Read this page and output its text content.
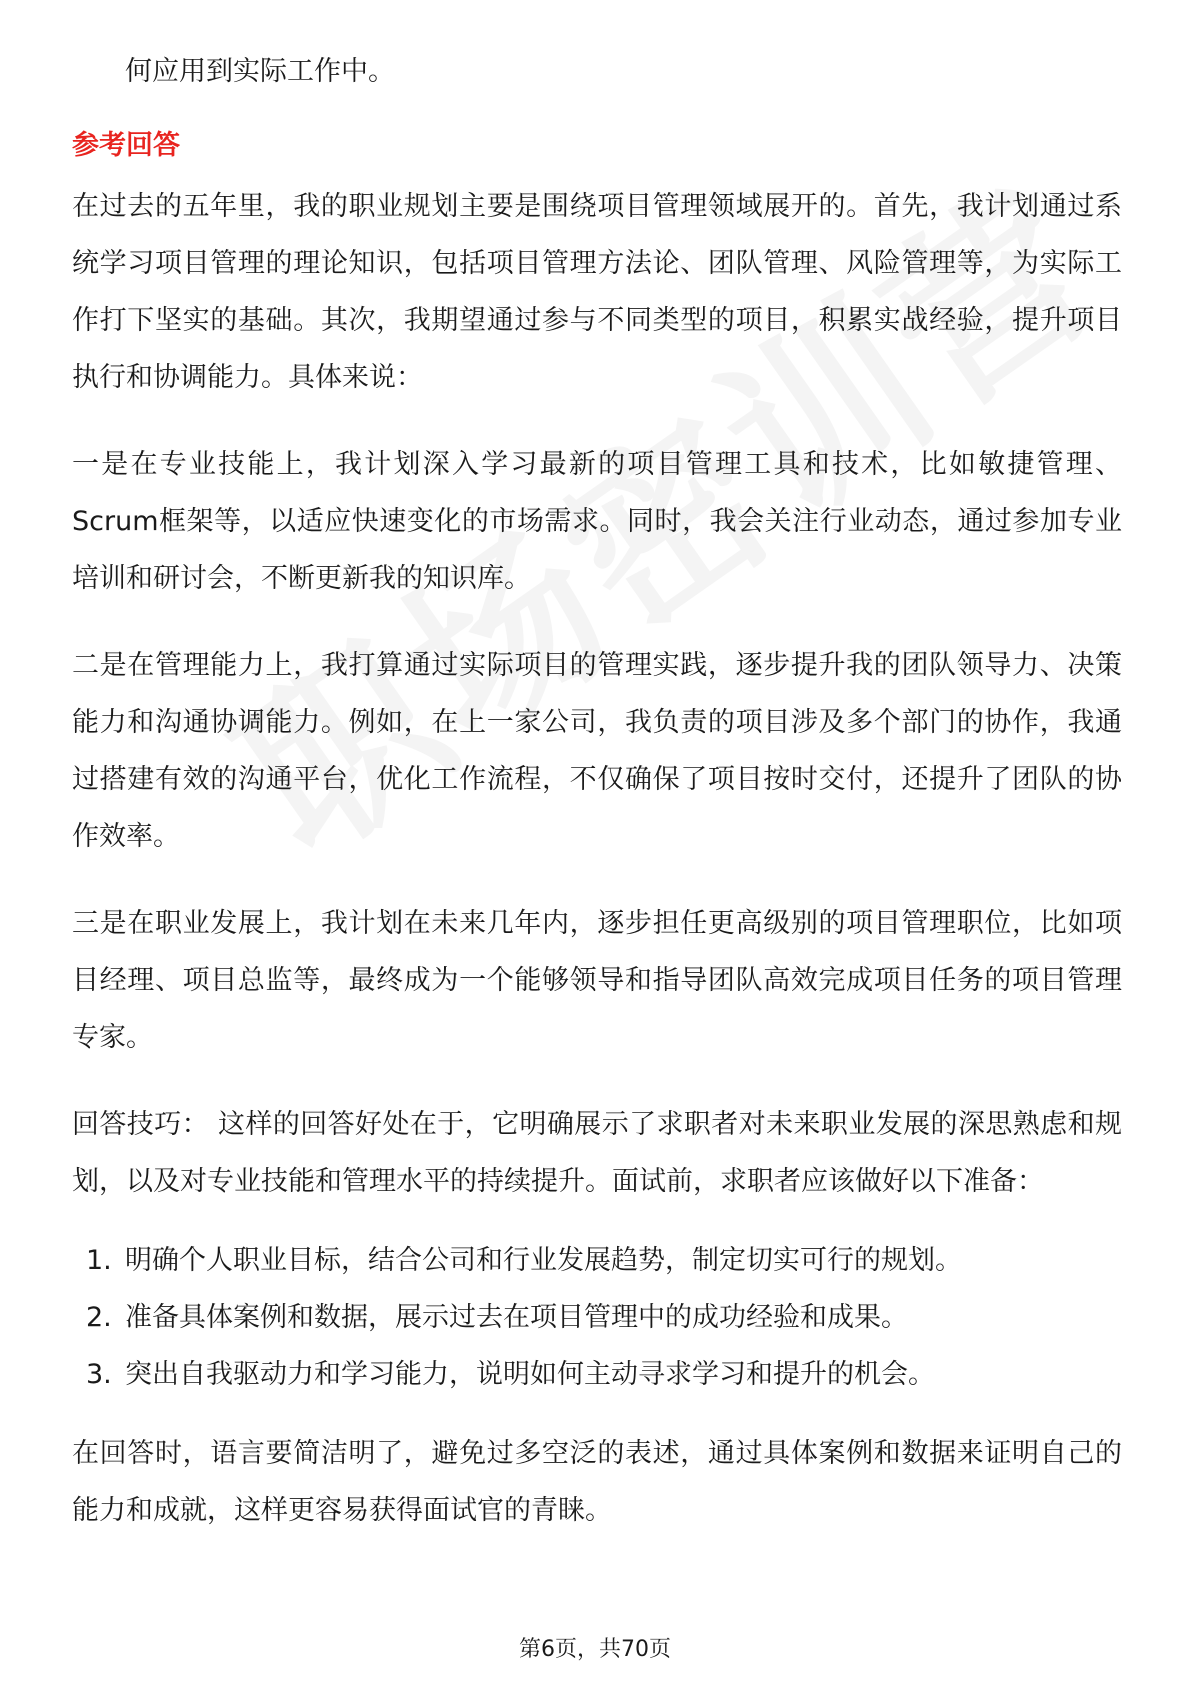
何应用到实际工作中。
参考回答

在过去的五年里，我的职业规划主要是围绕项目管理领域展开的。首先，我计划通过系统学习项目管理的理论知识，包括项目管理方法论、团队管理、风险管理等，为实际工作打下坚实的基础。其次，我期望通过参与不同类型的项目，积累实战经验，提升项目执行和协调能力。具体来说：

一是在专业技能上，我计划深入学习最新的项目管理工具和技术，比如敏捷管理、Scrum框架等，以适应快速变化的市场需求。同时，我会关注行业动态，通过参加专业培训和研讨会，不断更新我的知识库。

二是在管理能力上，我打算通过实际项目的管理实践，逐步提升我的团队领导力、决策能力和沟通协调能力。例如，在上一家公司，我负责的项目涉及多个部门的协作，我通过搭建有效的沟通平台，优化工作流程，不仅确保了项目按时交付，还提升了团队的协作效率。

三是在职业发展上，我计划在未来几年内，逐步担任更高级别的项目管理职位，比如项目经理、项目总监等，最终成为一个能够领导和指导团队高效完成项目任务的项目管理专家。

回答技巧： 这样的回答好处在于，它明确展示了求职者对未来职业发展的深思熟虑和规划，以及对专业技能和管理水平的持续提升。面试前，求职者应该做好以下准备：

1. 明确个人职业目标，结合公司和行业发展趋势，制定切实可行的规划。
2. 准备具体案例和数据，展示过去在项目管理中的成功经验和成果。
3. 突出自我驱动力和学习能力，说明如何主动寻求学习和提升的机会。

在回答时，语言要简洁明了，避免过多空泛的表述，通过具体案例和数据来证明自己的能力和成就，这样更容易获得面试官的青睐。

第6页，共70页
